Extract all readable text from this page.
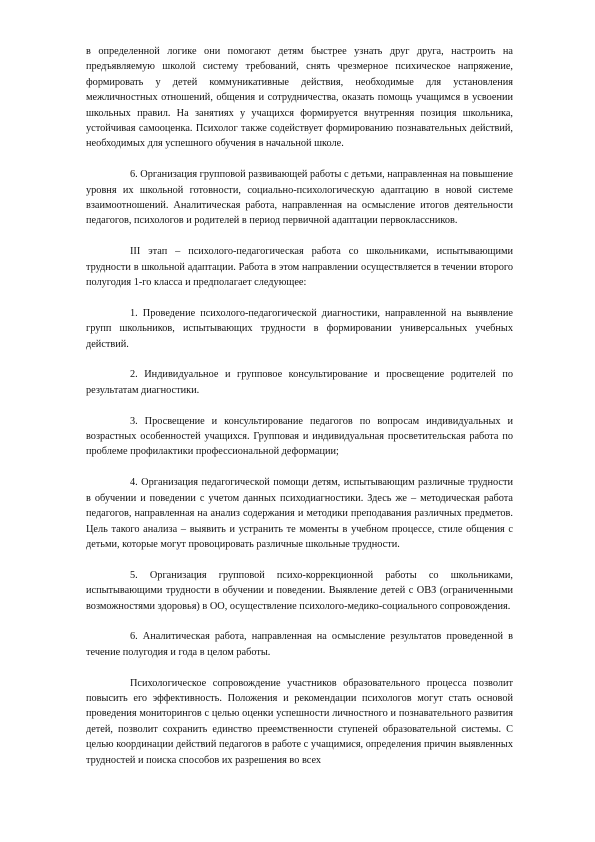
в определенной логике они помогают детям быстрее узнать друг друга, настроить на предъявляемую школой систему требований, снять чрезмерное психическое напряжение, формировать у детей коммуникативные действия, необходимые для установления межличностных отношений, общения и сотрудничества, оказать помощь учащимся в усвоении школьных правил. На занятиях у учащихся формируется внутренняя позиция школьника, устойчивая самооценка. Психолог также содействует формированию познавательных действий, необходимых для успешного обучения в начальной школе.

6. Организация групповой развивающей работы с детьми, направленная на повышение уровня их школьной готовности, социально-психологическую адаптацию в новой системе взаимоотношений. Аналитическая работа, направленная на осмысление итогов деятельности педагогов, психологов и родителей в период первичной адаптации первоклассников.

III этап – психолого-педагогическая работа со школьниками, испытывающими трудности в школьной адаптации. Работа в этом направлении осуществляется в течении второго полугодия 1-го класса и предполагает следующее:

1. Проведение психолого-педагогической диагностики, направленной на выявление групп школьников, испытывающих трудности в формировании универсальных учебных действий.

2. Индивидуальное и групповое консультирование и просвещение родителей по результатам диагностики.

3. Просвещение и консультирование педагогов по вопросам индивидуальных и возрастных особенностей учащихся. Групповая и индивидуальная просветительская работа по проблеме профилактики профессиональной деформации;

4. Организация педагогической помощи детям, испытывающим различные трудности в обучении и поведении с учетом данных психодиагностики. Здесь же – методическая работа педагогов, направленная на анализ содержания и методики преподавания различных предметов. Цель такого анализа – выявить и устранить те моменты в учебном процессе, стиле общения с детьми, которые могут провоцировать различные школьные трудности.

5. Организация групповой психо-коррекционной работы со школьниками, испытывающими трудности в обучении и поведении. Выявление детей с ОВЗ (ограниченными возможностями здоровья) в ОО, осуществление психолого-медико-социального сопровождения.

6. Аналитическая работа, направленная на осмысление результатов проведенной в течение полугодия и года в целом работы.

Психологическое сопровождение участников образовательного процесса позволит повысить его эффективность. Положения и рекомендации психологов могут стать основой проведения мониторингов с целью оценки успешности личностного и познавательного развития детей, позволит сохранить единство преемственности ступеней образовательной системы. С целью координации действий педагогов в работе с учащимися, определения причин выявленных трудностей и поиска способов их разрешения во всех
